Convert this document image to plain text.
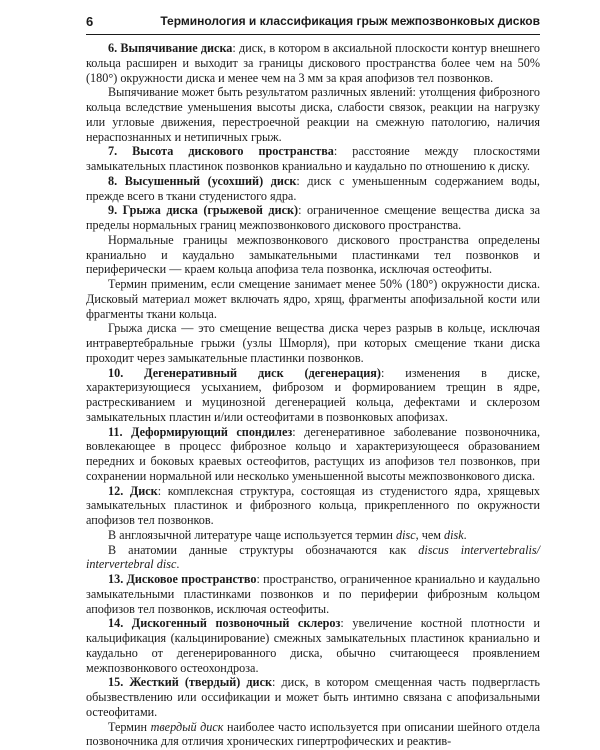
6	Терминология и классификация грыж межпозвонковых дисков

6. Выпячивание диска: диск, в котором в аксиальной плоскости контур внешнего кольца расширен и выходит за границы дискового пространства более чем на 50% (180°) окружности диска и менее чем на 3 мм за края апофизов тел позвонков.

Выпячивание может быть результатом различных явлений: утолщения фиброзного кольца вследствие уменьшения высоты диска, слабости связок, реакции на нагрузку или угловые движения, перестроечной реакции на смежную патологию, наличия нераспознанных и нетипичных грыж.

7. Высота дискового пространства: расстояние между плоскостями замыкательных пластинок позвонков краниально и каудально по отношению к диску.

8. Высушенный (усохший) диск: диск с уменьшенным содержанием воды, прежде всего в ткани студенистого ядра.

9. Грыжа диска (грыжевой диск): ограниченное смещение вещества диска за пределы нормальных границ межпозвонкового дискового пространства.

Нормальные границы межпозвонкового дискового пространства определены краниально и каудально замыкательными пластинками тел позвонков и периферически — краем кольца апофиза тела позвонка, исключая остеофиты.

Термин применим, если смещение занимает менее 50% (180°) окружности диска. Дисковый материал может включать ядро, хрящ, фрагменты апофизальной кости или фрагменты ткани кольца.

Грыжа диска — это смещение вещества диска через разрыв в кольце, исключая интравертебральные грыжи (узлы Шморля), при которых смещение ткани диска проходит через замыкательные пластинки позвонков.

10. Дегенеративный диск (дегенерация): изменения в диске, характеризующиеся усыханием, фиброзом и формированием трещин в ядре, растрескиванием и муцинозной дегенерацией кольца, дефектами и склерозом замыкательных пластин и/или остеофитами в позвонковых апофизах.

11. Деформирующий спондилез: дегенеративное заболевание позвоночника, вовлекающее в процесс фиброзное кольцо и характеризующееся образованием передних и боковых краевых остеофитов, растущих из апофизов тел позвонков, при сохранении нормальной или несколько уменьшенной высоты межпозвонкового диска.

12. Диск: комплексная структура, состоящая из студенистого ядра, хрящевых замыкательных пластинок и фиброзного кольца, прикрепленного по окружности апофизов тел позвонков.

В англоязычной литературе чаще используется термин disc, чем disk.

В анатомии данные структуры обозначаются как discus intervertebralis/ intervertebral disc.

13. Дисковое пространство: пространство, ограниченное краниально и каудально замыкательными пластинками позвонков и по периферии фиброзным кольцом апофизов тел позвонков, исключая остеофиты.

14. Дискогенный позвоночный склероз: увеличение костной плотности и кальцификация (кальцинирование) смежных замыкательных пластинок краниально и каудально от дегенерированного диска, обычно считающееся проявлением межпозвонкового остеохондроза.

15. Жесткий (твердый) диск: диск, в котором смещенная часть подвергласть обызвествлению или оссификации и может быть интимно связана с апофизальными остеофитами.

Термин твердый диск наиболее часто используется при описании шейного отдела позвоночника для отличия хронических гипертрофических и реактив-
